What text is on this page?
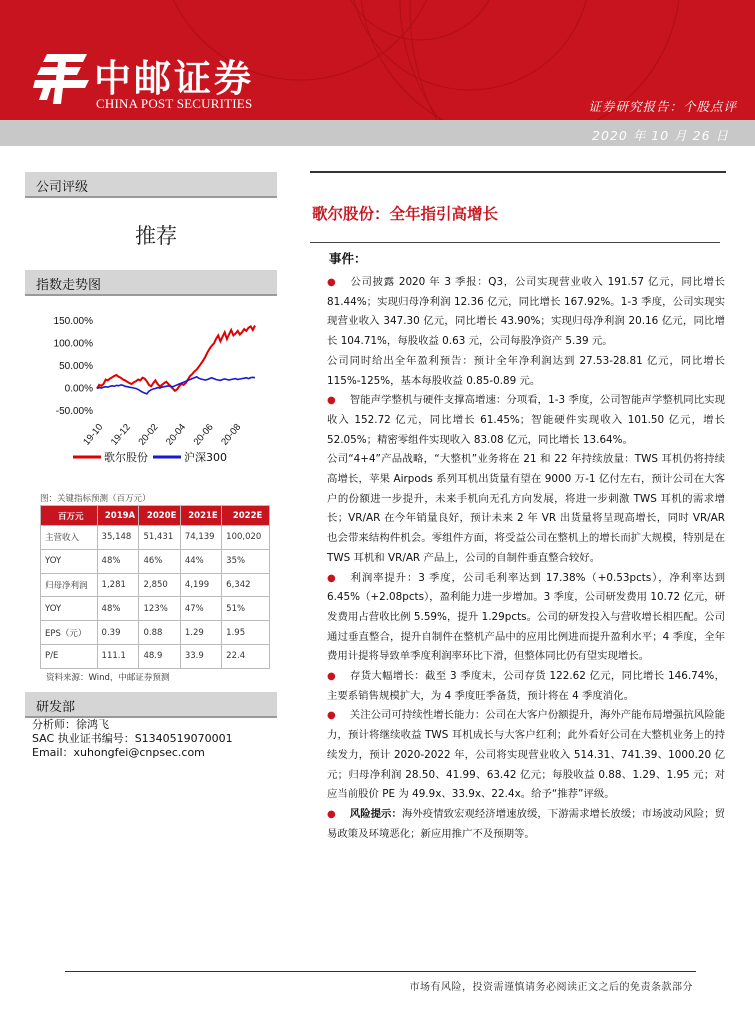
中邮证券
CHINA POST SECURITIES	证券研究报告：个股点评
2020 年 10 月 26 日
公司评级
推荐
指数走势图
150.00%
100.00%
50.00%
0.00%
-50.00%
19-10 19-12 20-02 20-04 20-06 20-08
歌尔股份	沪深300
图：关键指标预测（百万元）
百万元	2019A	2020E	2021E	2022E
主营收入	35,148	51,431	74,139	100,020
YOY	48%	46%	44%	35%
归母净利润	1,281	2,850	4,199	6,342
YOY	48%	123%	47%	51%
EPS（元）	0.39	0.88	1.29	1.95
P/E	111.1	48.9	33.9	22.4
资料来源：Wind，中邮证券预测
研发部
分析师：徐鸿飞
SAC 执业证书编号：S1340519070001
Email：xuhongfei@cnpsec.com
歌尔股份：全年指引高增长
事件：

● 公司披露 2020 年 3 季报：Q3，公司实现营业收入 191.57 亿元，同比增长 81.44%；实现归母净利润 12.36 亿元，同比增长 167.92%。1-3 季度，公司实现实现营业收入 347.30 亿元，同比增长 43.90%；实现归母净利润 20.16 亿元，同比增长 104.71%，每股收益 0.63 元，公司每股净资产 5.39 元。

公司同时给出全年盈利预告：预计全年净利润达到 27.53-28.81 亿元，同比增长 115%-125%，基本每股收益 0.85-0.89 元。

● 智能声学整机与硬件支撑高增速：分项看，1-3 季度，公司智能声学整机同比实现收入 152.72 亿元，同比增长 61.45%；智能硬件实现收入 101.50 亿元，增长 52.05%；精密零组件实现收入 83.08 亿元，同比增长 13.64%。

公司“4+4”产品战略，“大整机”业务将在 21 和 22 年持续放量：TWS 耳机仍将持续高增长，苹果 Airpods 系列耳机出货量有望在 9000 万-1 亿付左右，预计公司在大客户的份额进一步提升，未来手机向无孔方向发展，将进一步刺激 TWS 耳机的需求增长；VR/AR 在今年销量良好，预计未来 2 年 VR 出货量将呈现高增长，同时 VR/AR 也会带来结构件机会。零组件方面，将受益公司在整机上的增长而扩大规模，特别是在 TWS 耳机和 VR/AR 产品上，公司的自制件垂直整合较好。

● 利润率提升：3 季度，公司毛利率达到 17.38%（+0.53pcts），净利率达到 6.45%（+2.08pcts），盈利能力进一步增加。3 季度，公司研发费用 10.72 亿元，研发费用占营收比例 5.59%，提升 1.29pcts。公司的研发投入与营收增长相匹配。公司通过垂直整合，提升自制件在整机产品中的应用比例进而提升盈利水平；4 季度，全年费用计提将导致单季度利润率环比下滑，但整体同比仍有望实现增长。

● 存货大幅增长：截至 3 季度末，公司存货 122.62 亿元，同比增长 146.74%，主要系销售规模扩大，为 4 季度旺季备货，预计将在 4 季度消化。

● 关注公司可持续性增长能力：公司在大客户份额提升，海外产能布局增强抗风险能力，预计将继续收益 TWS 耳机成长与大客户红利；此外看好公司在大整机业务上的持续发力，预计 2020-2022 年，公司将实现营业收入 514.31、741.39、1000.20 亿元；归母净利润 28.50、41.99、63.42 亿元；每股收益 0.88、1.29、1.95 元；对应当前股价 PE 为 49.9x、33.9x、22.4x。给予“推荐”评级。

● 风险提示：海外疫情致宏观经济增速放缓，下游需求增长放缓；市场波动风险；贸易政策及环境恶化；新应用推广不及预期等。

市场有风险，投资需谨慎请务必阅读正文之后的免责条款部分
